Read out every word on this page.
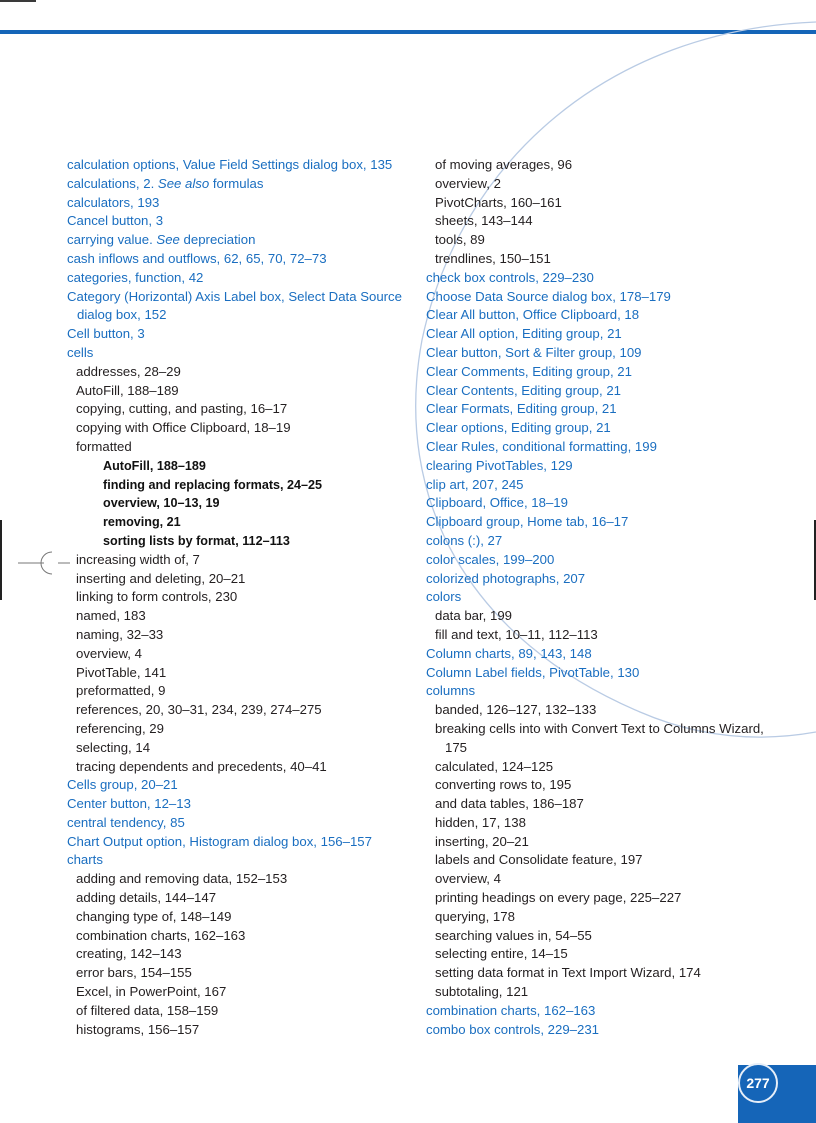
calculation options, Value Field Settings dialog box, 135

calculations, 2. See also formulas

calculators, 193

Cancel button, 3

carrying value. See depreciation

cash inflows and outflows, 62, 65, 70, 72–73

categories, function, 42

Category (Horizontal) Axis Label box, Select Data Source dialog box, 152

Cell button, 3

cells

addresses, 28–29

AutoFill, 188–189

copying, cutting, and pasting, 16–17

copying with Office Clipboard, 18–19

formatted

AutoFill, 188–189

finding and replacing formats, 24–25

overview, 10–13, 19

removing, 21

sorting lists by format, 112–113

increasing width of, 7

inserting and deleting, 20–21

linking to form controls, 230

named, 183

naming, 32–33

overview, 4

PivotTable, 141

preformatted, 9

references, 20, 30–31, 234, 239, 274–275

referencing, 29

selecting, 14

tracing dependents and precedents, 40–41

Cells group, 20–21

Center button, 12–13

central tendency, 85

Chart Output option, Histogram dialog box, 156–157

charts

adding and removing data, 152–153

adding details, 144–147

changing type of, 148–149

combination charts, 162–163

creating, 142–143

error bars, 154–155

Excel, in PowerPoint, 167

of filtered data, 158–159

histograms, 156–157

of moving averages, 96

overview, 2

PivotCharts, 160–161

sheets, 143–144

tools, 89

trendlines, 150–151

check box controls, 229–230

Choose Data Source dialog box, 178–179

Clear All button, Office Clipboard, 18

Clear All option, Editing group, 21

Clear button, Sort & Filter group, 109

Clear Comments, Editing group, 21

Clear Contents, Editing group, 21

Clear Formats, Editing group, 21

Clear options, Editing group, 21

Clear Rules, conditional formatting, 199

clearing PivotTables, 129

clip art, 207, 245

Clipboard, Office, 18–19

Clipboard group, Home tab, 16–17

colons (:), 27

color scales, 199–200

colorized photographs, 207

colors

data bar, 199

fill and text, 10–11, 112–113

Column charts, 89, 143, 148

Column Label fields, PivotTable, 130

columns

banded, 126–127, 132–133

breaking cells into with Convert Text to Columns Wizard, 175

calculated, 124–125

converting rows to, 195

and data tables, 186–187

hidden, 17, 138

inserting, 20–21

labels and Consolidate feature, 197

overview, 4

printing headings on every page, 225–227

querying, 178

searching values in, 54–55

selecting entire, 14–15

setting data format in Text Import Wizard, 174

subtotaling, 121

combination charts, 162–163

combo box controls, 229–231

277
